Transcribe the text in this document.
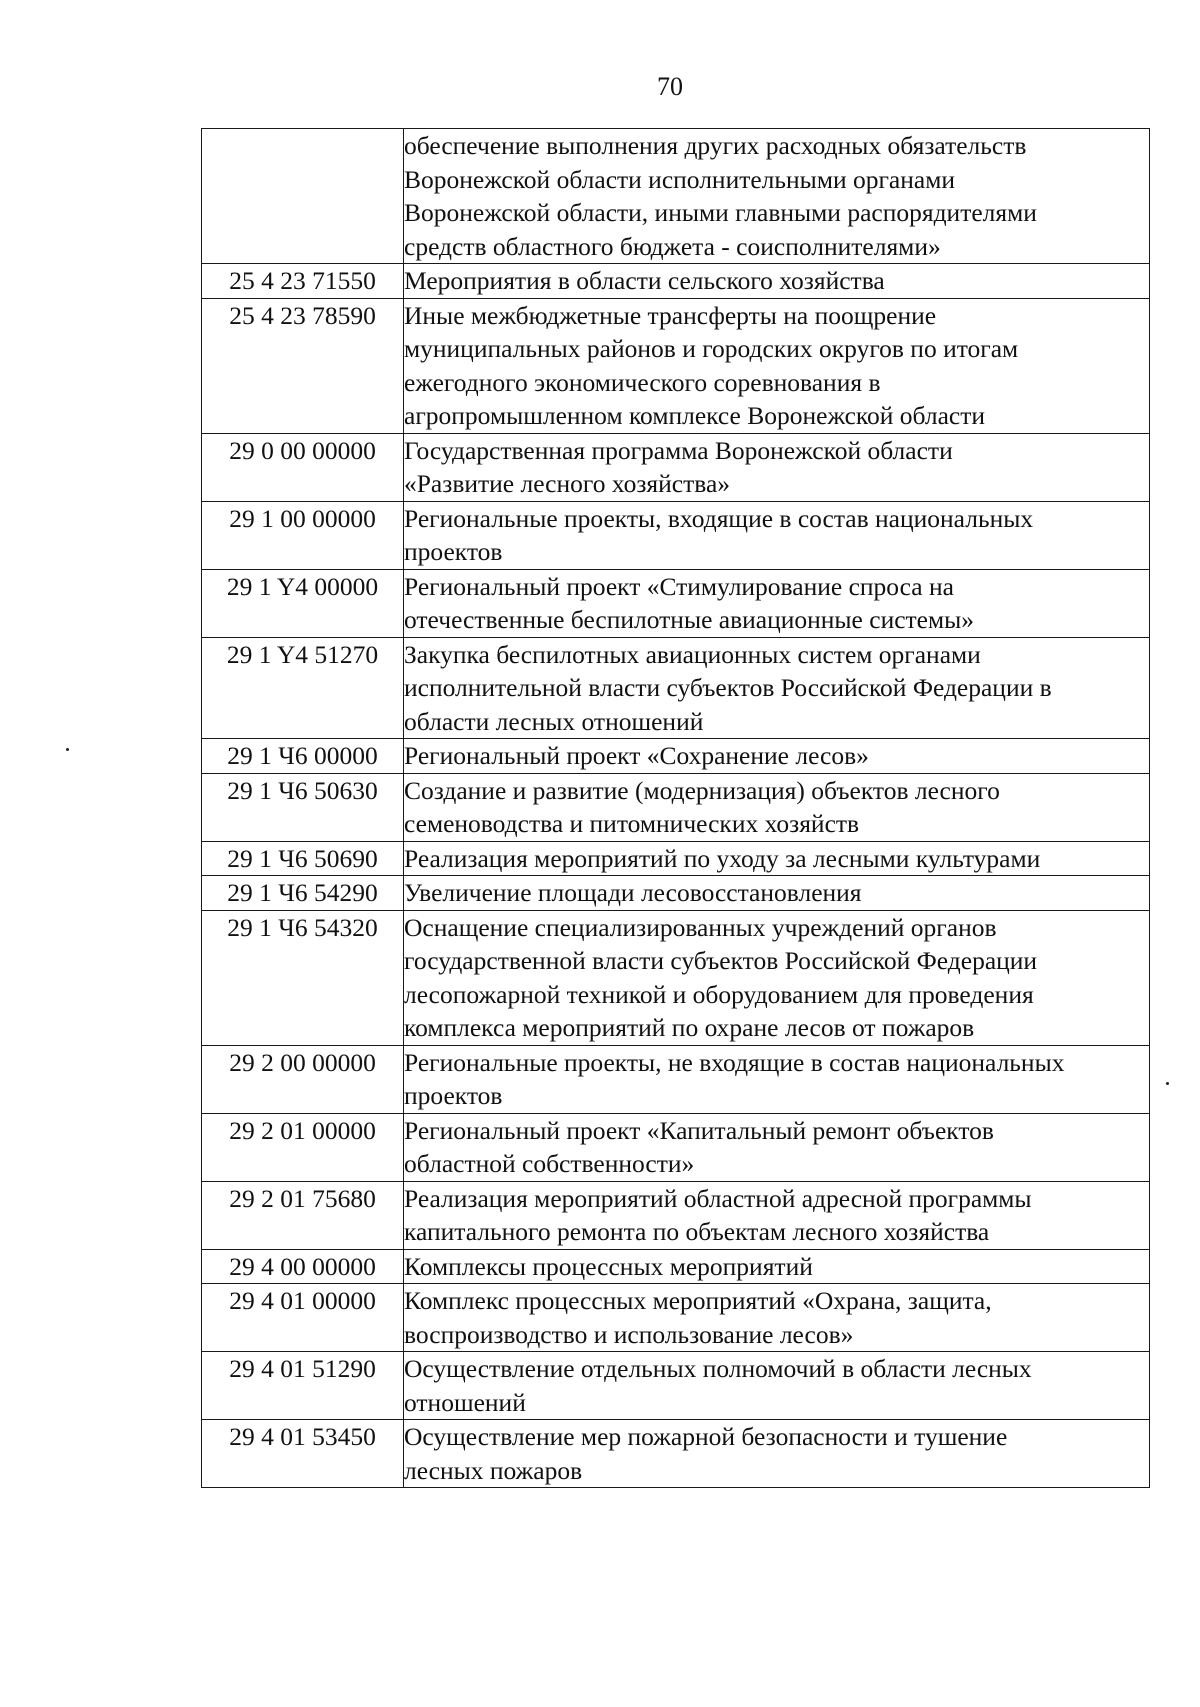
70

	обеспечение выполнения других расходных обязательств
Воронежской области исполнительными органами
Воронежской области, иными главными распорядителями
средств областного бюджета - соисполнителями»

25 4 23 71550	Мероприятия в области сельского хозяйства

25 4 23 78590	Иные межбюджетные трансферты на поощрение
муниципальных районов и городских округов по итогам
ежегодного экономического соревнования в
агропромышленном комплексе Воронежской области

29 0 00 00000	Государственная программа Воронежской области
«Развитие лесного хозяйства»

29 1 00 00000	Региональные проекты, входящие в состав национальных
проектов

29 1 Y4 00000	Региональный проект «Стимулирование спроса на
отечественные беспилотные авиационные системы»

29 1 Y4 51270	Закупка беспилотных авиационных систем органами
исполнительной власти субъектов Российской Федерации в
области лесных отношений

29 1 Ч6 00000	Региональный проект «Сохранение лесов»

29 1 Ч6 50630	Создание и развитие (модернизация) объектов лесного
семеноводства и питомнических хозяйств

29 1 Ч6 50690	Реализация мероприятий по уходу за лесными культурами

29 1 Ч6 54290	Увеличение площади лесовосстановления

29 1 Ч6 54320	Оснащение специализированных учреждений органов
государственной власти субъектов Российской Федерации
лесопожарной техникой и оборудованием для проведения
комплекса мероприятий по охране лесов от пожаров

29 2 00 00000	Региональные проекты, не входящие в состав национальных
проектов

29 2 01 00000	Региональный проект «Капитальный ремонт объектов
областной собственности»

29 2 01 75680	Реализация мероприятий областной адресной программы
капитального ремонта по объектам лесного хозяйства

29 4 00 00000	Комплексы процессных мероприятий

29 4 01 00000	Комплекс процессных мероприятий «Охрана, защита,
воспроизводство и использование лесов»

29 4 01 51290	Осуществление отдельных полномочий в области лесных
отношений

29 4 01 53450	Осуществление мер пожарной безопасности и тушение
лесных пожаров
